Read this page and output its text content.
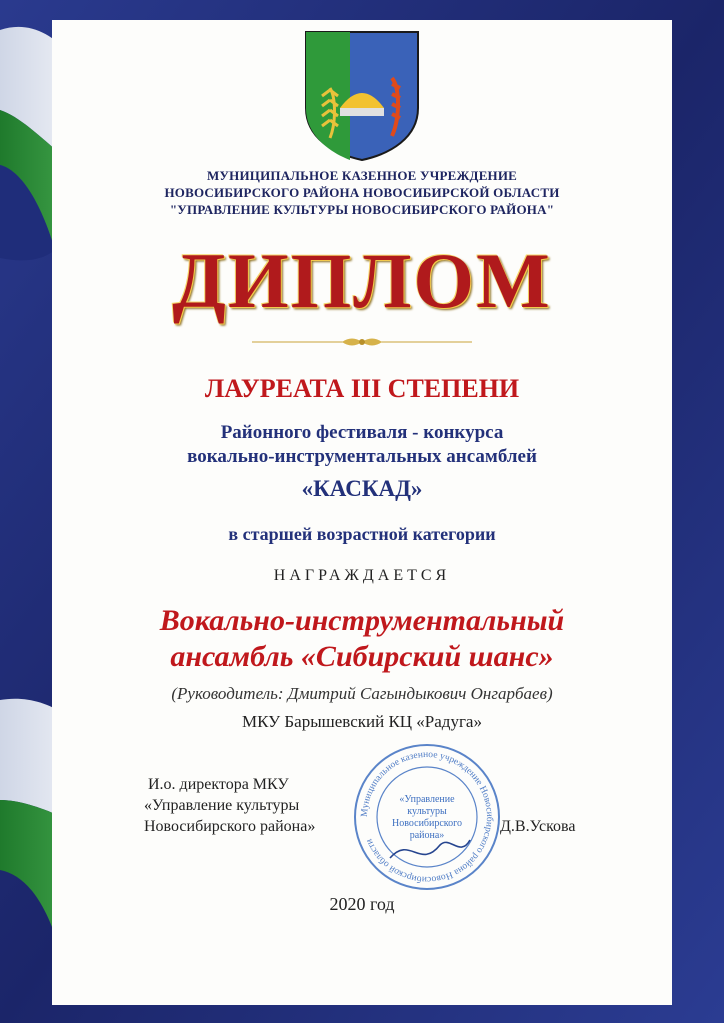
МУНИЦИПАЛЬНОЕ КАЗЕННОЕ УЧРЕЖДЕНИЕ
НОВОСИБИРСКОГО РАЙОНА НОВОСИБИРСКОЙ ОБЛАСТИ
"УПРАВЛЕНИЕ КУЛЬТУРЫ НОВОСИБИРСКОГО РАЙОНА"
ДИПЛОМ
ЛАУРЕАТА III СТЕПЕНИ
Районного фестиваля - конкурса
вокально-инструментальных ансамблей
«КАСКАД»
в старшей возрастной категории
НАГРАЖДАЕТСЯ
Вокально-инструментальный
ансамбль «Сибирский шанс»
(Руководитель: Дмитрий Сагындыкович Онгарбаев)
МКУ Барышевский КЦ «Радуга»
И.о. директора МКУ
«Управление культуры
Новосибирского района»
Муниципальное казенное учреждение Новосибирского района Новосибирской области
«Управление
культуры
Новосибирского
района»
Д.В.Ускова
2020 год
